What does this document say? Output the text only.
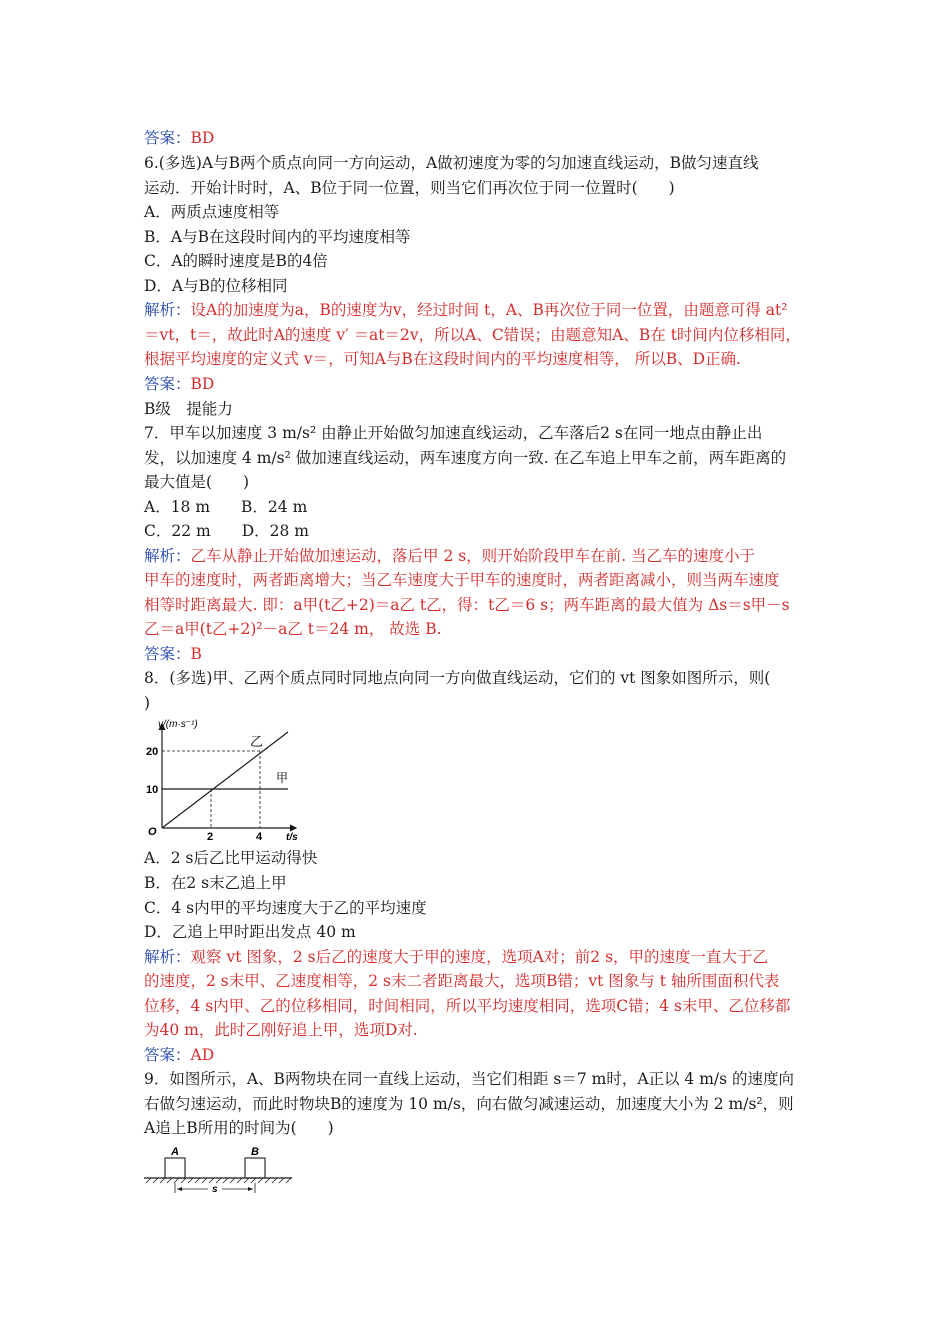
答案：BD
6.(多选)A与B两个质点向同一方向运动，A做初速度为零的匀加速直线运动，B做匀速直线
运动．开始计时时，A、B位于同一位置，则当它们再次位于同一位置时(　　)
A．两质点速度相等
B．A与B在这段时间内的平均速度相等
C．A的瞬时速度是B的4倍
D．A与B的位移相同
解析：设A的加速度为a，B的速度为v，经过时间 t，A、B再次位于同一位置，由题意可得 at²
＝vt，t＝，故此时A的速度 v′ ＝at＝2v，所以A、C错误；由题意知A、B在 t时间内位移相同，
根据平均速度的定义式 v＝，可知A与B在这段时间内的平均速度相等， 所以B、D正确.
答案：BD
B级　提能力
7．甲车以加速度 3 m/s² 由静止开始做匀加速直线运动，乙车落后2 s在同一地点由静止出
发，以加速度 4 m/s² 做加速直线运动，两车速度方向一致. 在乙车追上甲车之前，两车距离的
最大值是(　　)
A．18 m　　B．24 m
C．22 m　　D．28 m
解析：乙车从静止开始做加速运动，落后甲 2 s，则开始阶段甲车在前. 当乙车的速度小于
甲车的速度时，两者距离增大；当乙车速度大于甲车的速度时，两者距离减小，则当两车速度
相等时距离最大. 即：a甲(t乙+2)＝a乙 t乙，得：t乙＝6 s；两车距离的最大值为 Δs＝s甲－s
乙＝a甲(t乙+2)²－a乙 t＝24 m， 故选 B.
答案：B
8．(多选)甲、乙两个质点同时同地点向同一方向做直线运动，它们的 vt 图象如图所示，则(
)
A．2 s后乙比甲运动得快
B．在2 s末乙追上甲
C．4 s内甲的平均速度大于乙的平均速度
D．乙追上甲时距出发点 40 m
解析：观察 vt 图象，2 s后乙的速度大于甲的速度，选项A对；前2 s，甲的速度一直大于乙
的速度，2 s末甲、乙速度相等，2 s末二者距离最大，选项B错；vt 图象与 t 轴所围面积代表
位移，4 s内甲、乙的位移相同，时间相同，所以平均速度相同，选项C错；4 s末甲、乙位移都
为40 m，此时乙刚好追上甲，选项D对.
答案：AD
9．如图所示，A、B两物块在同一直线上运动，当它们相距 s＝7 m时，A正以 4 m/s 的速度向
右做匀速运动，而此时物块B的速度为 10 m/s，向右做匀减速运动，加速度大小为 2 m/s²，则
A追上B所用的时间为(　　)
v/(m·s⁻¹)
20
10
O	2	4 t/s
乙
甲
A	B
s
